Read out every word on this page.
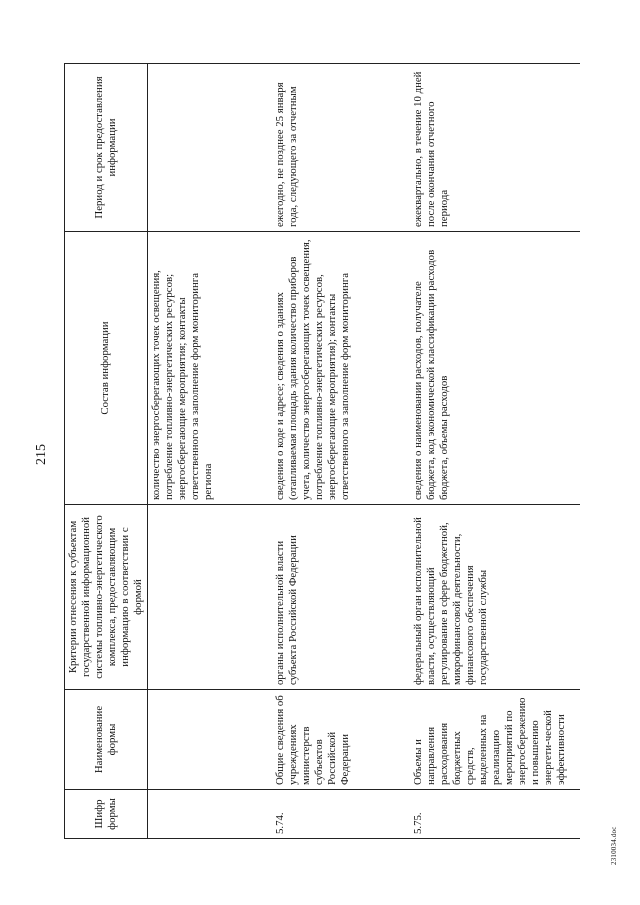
215
Шифр формы	Наименование формы	Критерии отнесения к субъектам государственной информационной системы топливно-энергетического комплекса, предоставляющим информацию в соответствии с формой	Состав информации	Период и срок предоставления информации
			количество энергосберегающих точек освещения, потребление топливно-энергетических ресурсов; энергосберегающие мероприятия; контакты ответственного за заполнение форм мониторинга региона	
5.74.	Общие сведения об учреждениях министерств субъектов Российской Федерации	органы исполнительной власти субъекта Российской Федерации	сведения о коде и адресе; сведения о зданиях (отапливаемая площадь здания количество приборов учета, количество энергосберегающих точек освещения, потребление топливно-энергетических ресурсов, энергосберегающие мероприятия); контакты ответственного за заполнение форм мониторинга	ежегодно, не позднее 25 января года, следующего за отчетным
5.75.	Объемы и направления расходования бюджетных средств, выделенных на реализацию мероприятий по энергосбережению и повышению энергети-ческой эффективности	федеральный орган исполнительной власти, осуществляющий регулирование в сфере бюджетной, микрофинансовой деятельности, финансового обеспечения государственной службы	сведения о наименовании расходов, получателе бюджета, код экономической классификации расходов бюджета, объемы расходов	ежеквартально, в течение 10 дней после окончания отчетного периода
2310034.doc
